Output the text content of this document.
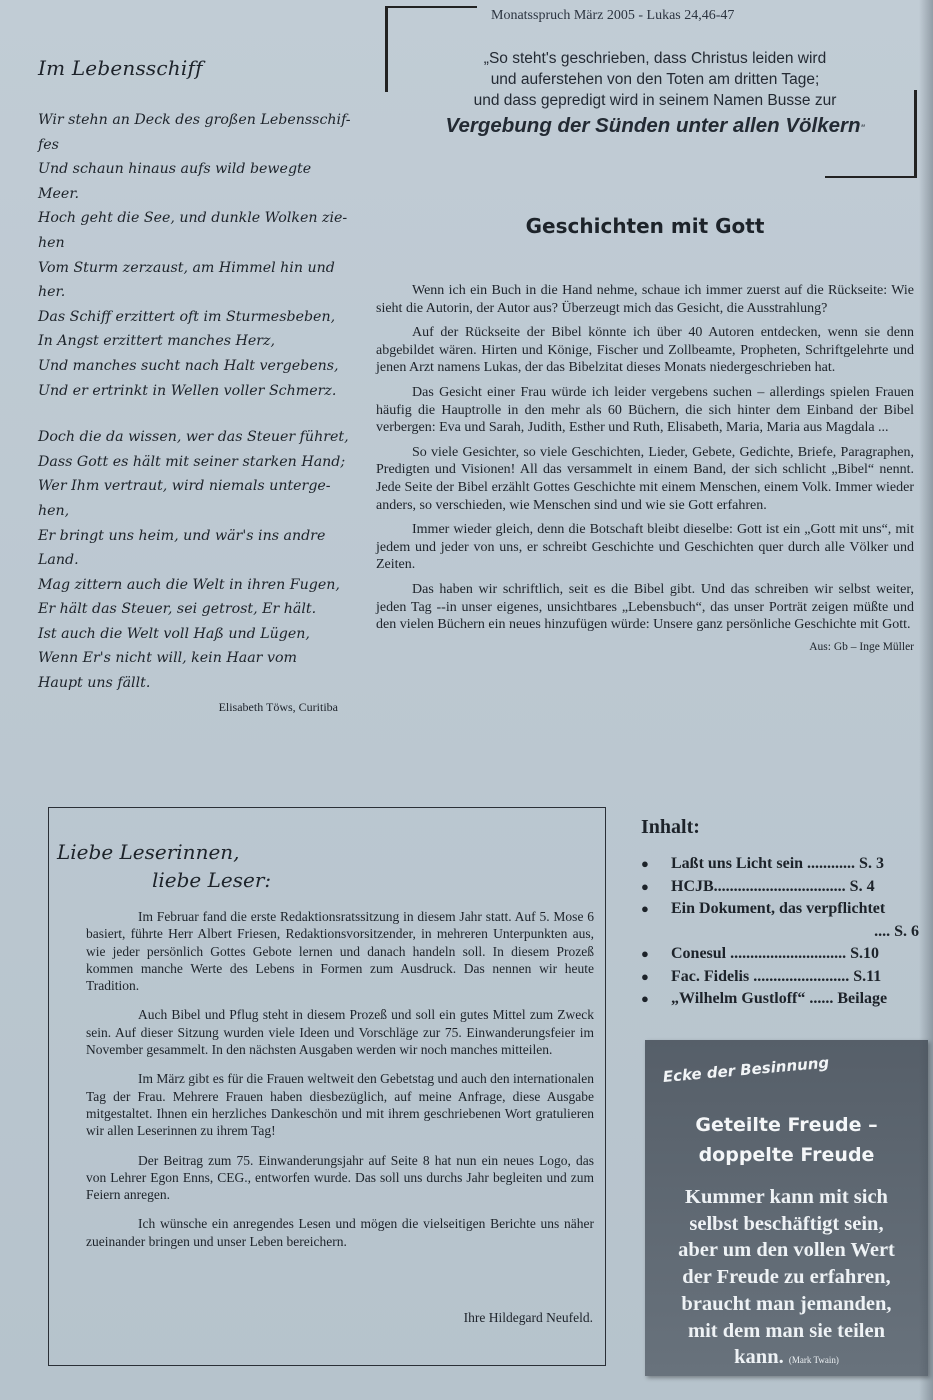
Im Lebensschiff
Wir stehn an Deck des großen Lebensschif-
fes
Und schaun hinaus aufs wild bewegte
Meer.
Hoch geht die See, und dunkle Wolken zie-
hen
Vom Sturm zerzaust, am Himmel hin und
her.
Das Schiff erzittert oft im Sturmesbeben,
In Angst erzittert manches Herz,
Und manches sucht nach Halt vergebens,
Und er ertrinkt in Wellen voller Schmerz.
Doch die da wissen, wer das Steuer führet,
Dass Gott es hält mit seiner starken Hand;
Wer Ihm vertraut, wird niemals unterge-
hen,
Er bringt uns heim, und wär's ins andre
Land.
Mag zittern auch die Welt in ihren Fugen,
Er hält das Steuer, sei getrost, Er hält.
Ist auch die Welt voll Haß und Lügen,
Wenn Er's nicht will, kein Haar vom
Haupt uns fällt.
Elisabeth Töws, Curitiba
Monatsspruch März 2005 - Lukas 24,46-47
„So steht's geschrieben, dass Christus leiden wird
und auferstehen von den Toten am dritten Tage;
und dass gepredigt wird in seinem Namen Busse zur
Vergebung der Sünden unter allen Völkern"
Geschichten mit Gott

Wenn ich ein Buch in die Hand nehme, schaue ich immer zuerst auf die Rückseite: Wie sieht die Autorin, der Autor aus? Überzeugt mich das Gesicht, die Ausstrahlung?

Auf der Rückseite der Bibel könnte ich über 40 Autoren entdecken, wenn sie denn abgebildet wären. Hirten und Könige, Fischer und Zollbeamte, Propheten, Schriftgelehrte und jenen Arzt namens Lukas, der das Bibelzitat dieses Monats niedergeschrieben hat.

Das Gesicht einer Frau würde ich leider vergebens suchen – allerdings spielen Frauen häufig die Hauptrolle in den mehr als 60 Büchern, die sich hinter dem Einband der Bibel verbergen: Eva und Sarah, Judith, Esther und Ruth, Elisabeth, Maria, Maria aus Magdala ...

So viele Gesichter, so viele Geschichten, Lieder, Gebete, Gedichte, Briefe, Paragraphen, Predigten und Visionen! All das versammelt in einem Band, der sich schlicht „Bibel“ nennt. Jede Seite der Bibel erzählt Gottes Geschichte mit einem Menschen, einem Volk. Immer wieder anders, so verschieden, wie Menschen sind und wie sie Gott erfahren.

Immer wieder gleich, denn die Botschaft bleibt dieselbe: Gott ist ein „Gott mit uns“, mit jedem und jeder von uns, er schreibt Geschichte und Geschichten quer durch alle Völker und Zeiten.

Das haben wir schriftlich, seit es die Bibel gibt. Und das schreiben wir selbst weiter, jeden Tag --in unser eigenes, unsichtbares „Lebensbuch“, das unser Porträt zeigen müßte und den vielen Büchern ein neues hinzufügen würde: Unsere ganz persönliche Geschichte mit Gott.

Aus: Gb – Inge Müller
Liebe Leserinnen,
liebe Leser:

Im Februar fand die erste Redaktionsratssitzung in diesem Jahr statt. Auf 5. Mose 6 basiert, führte Herr Albert Friesen, Redaktionsvorsitzender, in mehreren Unterpunkten aus, wie jeder persönlich Gottes Gebote lernen und danach handeln soll. In diesem Prozeß kommen manche Werte des Lebens in Formen zum Ausdruck. Das nennen wir heute Tradition.

Auch Bibel und Pflug steht in diesem Prozeß und soll ein gutes Mittel zum Zweck sein. Auf dieser Sitzung wurden viele Ideen und Vorschläge zur 75. Einwanderungsfeier im November gesammelt. In den nächsten Ausgaben werden wir noch manches mitteilen.

Im März gibt es für die Frauen weltweit den Gebetstag und auch den internationalen Tag der Frau. Mehrere Frauen haben diesbezüglich, auf meine Anfrage, diese Ausgabe mitgestaltet. Ihnen ein herzliches Dankeschön und mit ihrem geschriebenen Wort gratulieren wir allen Leserinnen zu ihrem Tag!

Der Beitrag zum 75. Einwanderungsjahr auf Seite 8 hat nun ein neues Logo, das von Lehrer Egon Enns, CEG., entworfen wurde. Das soll uns durchs Jahr begleiten und zum Feiern anregen.

Ich wünsche ein anregendes Lesen und mögen die vielseitigen Berichte uns näher zueinander bringen und unser Leben bereichern.

Ihre Hildegard Neufeld.
Inhalt:
●	Laßt uns Licht sein ............ S. 3
●	HCJB................................. S. 4
●	Ein Dokument, das verpflichtet
.... S. 6
●	Conesul ............................. S.10
●	Fac. Fidelis ........................ S.11
●	„Wilhelm Gustloff“ ...... Beilage
Ecke der Besinnung
Geteilte Freude –
doppelte Freude
Kummer kann mit sich
selbst beschäftigt sein,
aber um den vollen Wert
der Freude zu erfahren,
braucht man jemanden,
mit dem man sie teilen
kann. (Mark Twain)
